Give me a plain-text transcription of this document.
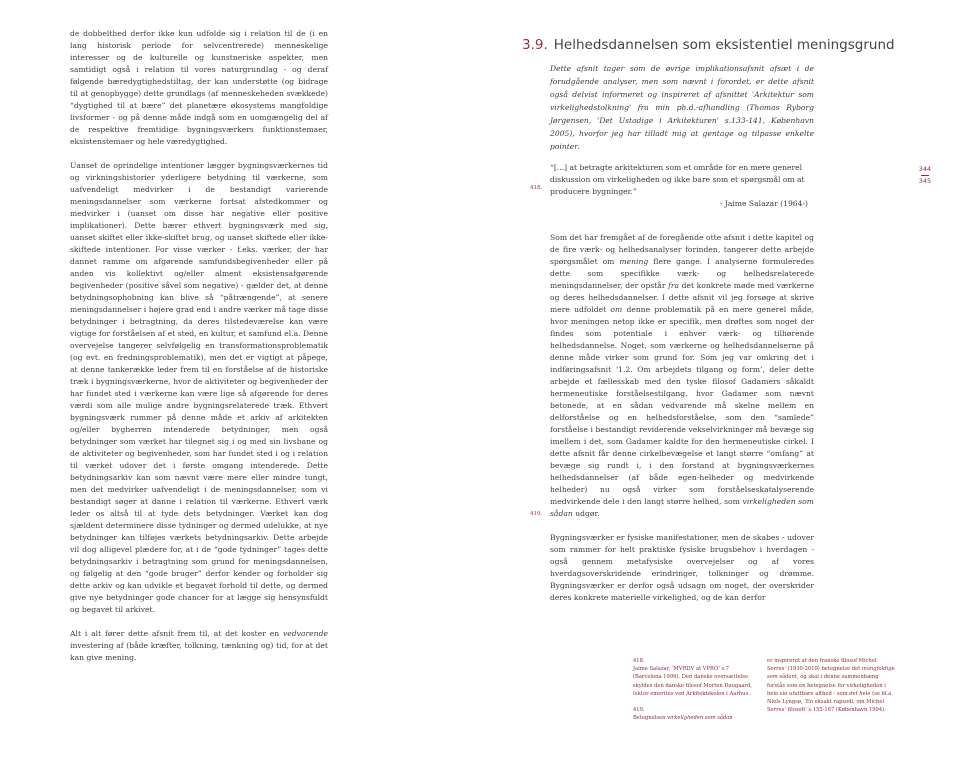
de dobbelthed derfor ikke kun udfolde sig i relation til de (i en lang historisk periode for selvcentrerede) menneskelige interesser og de kulturelle og kunstneriske aspekter, men samtidigt også i relation til vores naturgrundlag - og deraf følgende bæredygtighedstiltag, der kan understøtte (og bidrage til at genopbygge) dette grundlags (af menneskeheden svækkede) “dygtighed til at bære” det planetære økosystems mangfoldige livsformer - og på denne måde indgå som en uomgængelig del af de respektive fremtidige bygningsværkers funktionstemaer, eksistenstemaer og hele væredygtighed.

Uanset de oprindelige intentioner lægger bygningsværkernes tid og virkningshistorier yderligere betydning til værkerne, som uafvendeligt medvirker i de bestandigt varierende meningsdannelser som værkerne fortsat afstedkommer og medvirker i (uanset om disse har negative eller positive implikationer). Dette bærer ethvert bygningsværk med sig, uanset skiftet eller ikke-skiftet brug, og uanset skiftede eller ikke-skiftede intentioner. For visse værker - f.eks. værker, der har dannet ramme om afgørende samfundsbegivenheder eller på anden vis kollektivt og/eller alment eksistensafgørende begivenheder (positive såvel som negative) - gælder det, at denne betydningsophobning kan blive så “påtrængende”, at senere meningsdannelser i højere grad end i andre værker må tage disse betydninger i betragtning, da deres tilstedeværelse kan være vigtige for forståelsen af et sted, en kultur, et samfund el.a. Denne overvejelse tangerer selvfølgelig en transformationsproblematik (og evt. en fredningsproblematik), men det er vigtigt at påpege, at denne tankerække leder frem til en forståelse af de historiske træk i bygningsværkerne, hvor de aktiviteter og begivenheder der har fundet sted i værkerne kan være lige så afgørende for deres værdi som alle mulige andre bygningsrelaterede træk. Ethvert bygningsværk rummer på denne måde et arkiv af arkitekten og/eller bygherren intenderede betydninger, men også betydninger som værket har tilegnet sig i og med sin livsbane og de aktiviteter og begivenheder, som har fundet sted i og i relation til værket udover det i første omgang intenderede. Dette betydningsarkiv kan som nævnt være mere eller mindre tungt, men det medvirker uafvendeligt i de meningsdannelser, som vi bestandigt søger at danne i relation til værkerne. Ethvert værk leder os altså til at tyde dets betydninger. Værket kan dog sjældent determinere disse tydninger og dermed udelukke, at nye betydninger kan tilføjes værkets betydningsarkiv. Dette arbejde vil dog alligevel plædere for, at i de “gode tydninger” tages dette betydningsarkiv i betragtning som grund for meningsdannelsen, og følgelig at den “gode bruger” derfor kender og forholder sig dette arkiv og kan udvikle et begavet forhold til dette, og dermed give nye betydninger gode chancer for at lægge sig hensynsfuldt og begavet til arkivet.

Alt i alt fører dette afsnit frem til, at det koster en vedvarende investering af (både kræfter, tolkning, tænkning og) tid, for at det kan give mening.

3.9. Helhedsdannelsen som eksistentiel meningsgrund
Dette afsnit tager som de øvrige implikationsafsnit afsæt i de forudgående analyser, men som nævnt i forordet, er dette afsnit også delvist informeret og inspireret af afsnittet 'Arkitektur som virkelighedstolkning' fra min ph.d.-afhandling (Thomas Ryborg Jørgensen, 'Det Ustadige i Arkitekturen' s.133-141, København 2005), hvorfor jeg har tilladt mig at gentage og tilpasse enkelte pointer.
“[...] at betragte arkitekturen som et område for en mere generel diskussion om virkeligheden og ikke bare som et spørgsmål om at producere bygninger.”
- Jaime Salazar (1964-)
418.
344
345

Som det har fremgået af de foregående otte afsnit i dette kapitel og de fire værk- og helhedsanalyser forinden, tangerer dette arbejde spørgsmålet om mening flere gange. I analyserne formuleredes dette som specifikke værk- og helhedsrelaterede meningsdannelser, der opstår fra det konkrete møde med værkerne og deres helhedsdannelser. I dette afsnit vil jeg forsøge at skrive mere udfoldet om denne problematik på en mere generel måde, hvor meningen netop ikke er specifik, men drøftes som noget der findes som potentiale i enhver værk- og tilhørende helhedsdannelse. Noget, som værkerne og helhedsdannelserne på denne måde virker som grund for. Som jeg var omkring det i indføringsafsnit ‘1.2. Om arbejdets tilgang og form’, deler dette arbejde et fællesskab med den tyske filosof Gadamers såkaldt hermeneutiske forståelsestilgang, hvor Gadamer som nævnt betonede, at en sådan vedvarende må skelne mellem en delforståelse og en helhedsforståelse, som den “samlede” forståelse i bestandigt reviderende vekselvirkninger må bevæge sig imellem i det, som Gadamer kaldte for den hermeneutiske cirkel. I dette afsnit får denne cirkelbevægelse et langt større “omfang” at bevæge sig rundt i, i den forstand at bygningsværkernes helhedsdannelser (af både egen-helheder og medvirkende helheder) nu også virker som forståelseskatalyserende medvirkende dele i den langt større helhed, som virkeligheden som sådan udgør.

Bygningsværker er fysiske manifestationer, men de skabes - udover som rammer for helt praktiske fysiske brugsbehov i hverdagen - også gennem metafysiske overvejelser og af vores hverdagsoverskridende erindringer, tolkninger og drømme. Bygningsværker er derfor også udsagn om noget, der overskrider deres konkrete materielle virkelighed, og de kan derfor

419.
418.
Jaime Salazar, ‘MVRDV at VPRO’ s.7 (Barcelona 1999). Den danske oversættelse skyldes den danske filosof Morten Daugaard, lektor emeritus ved Arkitektskolen i Aarhus.
419.
Betegnelsen virkeligheden som sådan
er inspireret af den franske filosof Michel Serres’ (1930-2019) betegnelse det mangfoldige som sådant, og skal i denne sammenhæng forstås som en betegnelse for virkeligheden i hele sin ufattbare althed - som det hele (se bl.a. Niels Lyngsø, ‘En eksakt rapsodi, om Michel Serres’ filosofi’ s.155-167 (København 1994).
